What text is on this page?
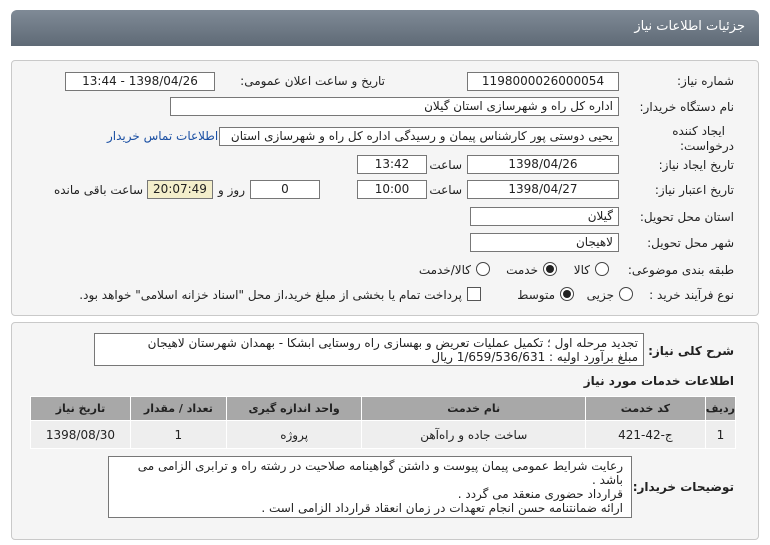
جزئیات اطلاعات نیاز
شماره نیاز:
1198000026000054
تاریخ و ساعت اعلان عمومی:
1398/04/26 - 13:44
نام دستگاه خریدار:
اداره کل راه و شهرسازی استان گیلان
ایجاد کننده
درخواست:
یحیی دوستی پور کارشناس پیمان و رسیدگی اداره کل راه و شهرسازی استان
اطلاعات تماس خریدار
تاریخ ایجاد نیاز:
1398/04/26
ساعت
13:42
تاریخ اعتبار نیاز:
1398/04/27
ساعت
10:00
0
روز و
20:07:49
ساعت باقی مانده
استان محل تحویل:
گیلان
شهر محل تحویل:
لاهیجان
طبقه بندی موضوعی:
کالا
خدمت
کالا/خدمت
نوع فرآیند خرید :
جزیی
متوسط
پرداخت تمام یا بخشی از مبلغ خرید،از محل "اسناد خزانه اسلامی" خواهد بود.
شرح کلی نیاز:
تجدید مرحله اول ؛ تکمیل عملیات تعریض و بهسازی راه روستایی ابشکا - بهمدان شهرستان لاهیجان
مبلغ برآورد اولیه : 1/659/536/631 ریال
اطلاعات خدمات مورد نیاز
ردیف	کد خدمت	نام خدمت	واحد اندازه گیری	تعداد / مقدار	تاریخ نیاز
1	ج-42-421	ساخت جاده و راه‌آهن	پروژه	1	1398/08/30
توضیحات خریدار:
رعایت شرایط عمومی پیمان پیوست و داشتن گواهینامه صلاحیت در رشته راه و ترابری الزامی می
باشد .
قرارداد حضوری منعقد می گردد .
ارائه ضمانتنامه حسن انجام تعهدات در زمان انعقاد قرارداد الزامی است .
